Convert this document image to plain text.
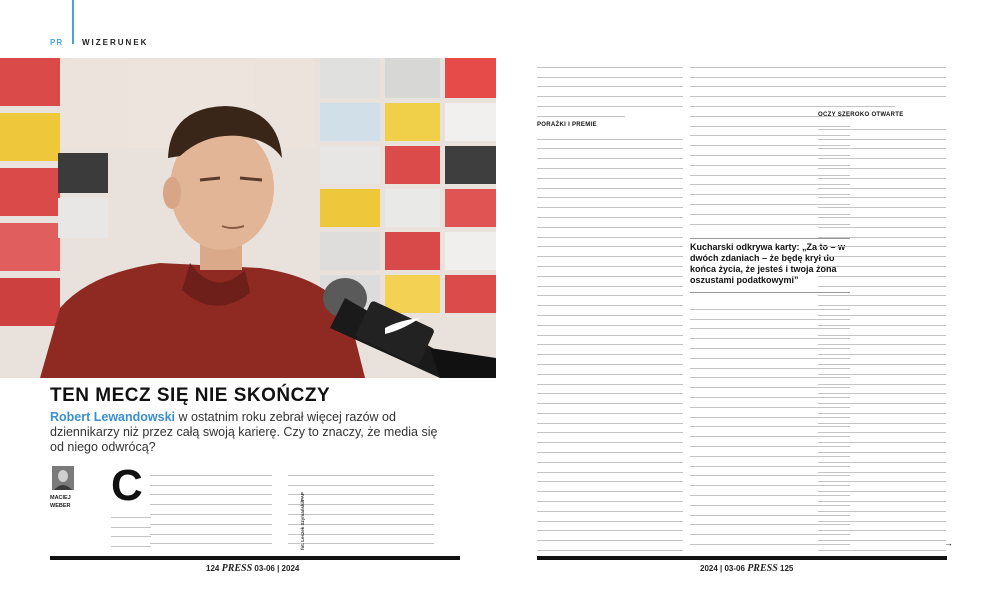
PR WIZERUNEK
TEN MECZ SIĘ NIE SKOŃCZY
Robert Lewandowski w ostatnim roku zebrał więcej razów od dziennikarzy niż przez całą swoją karierę. Czy to znaczy, że media się od niego odwrócą?
MACIEJ
WEBER C
fot. Leszek Szymański/PAP
124 PRESS 03-06 | 2024
PORAŻKI I PREMIE
Kucharski odkrywa karty: „Za to – w dwóch zdaniach – że będę krył do końca życia, że jesteś i twoja żona oszustami podatkowymi”
OCZY SZEROKO OTWARTE
→
2024 | 03-06 PRESS 125
